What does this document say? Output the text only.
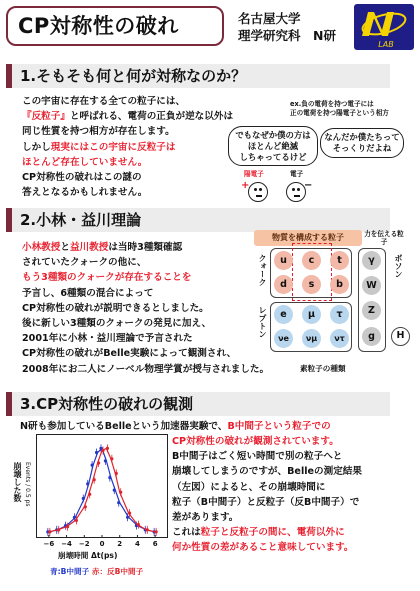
CP対称性の破れ	名古屋大学
理学研究科　N研
LAB
1.そもそも何と何が対称なのか？
この宇宙に存在する全ての粒子には、
『反粒子』と呼ばれる、電荷の正負が逆な以外は
同じ性質を持つ相方が存在します。
しかし現実にはこの宇宙に反粒子は
ほとんど存在していません。
CP対称性の破れはこの謎の
答えとなるかもしれません。
ex.負の電荷を持つ電子には
正の電荷を持つ陽電子という相方
でもなぜか僕の方は
ほとんど絶滅
しちゃってるけど
なんだか僕たちって
そっくりだよね
陽電子	電子
+	−
2.小林・益川理論
小林教授と益川教授は当時3種類確認
されていたクォークの他に、
もう3種類のクォークが存在することを
予言し、6種類の混合によって
CP対称性の破れが説明できるとしました。
後に新しい3種類のクォークの発見に加え、
2001年に小林・益川理論で予言された
CP対称性の破れがBelle実験によって観測され、
2008年にお二人にノーベル物理学賞が授与されました。
物質を構成する粒子	力を伝える粒子
クォーク	u	c	t
d	s	b
レプトン	e	μ	τ
νe	νμ	ντ
γ
W
Z
g
ボソン
H
素粒子の種類
3.CP対称性の破れの観測
N研も参加しているBelleという加速器実験で、B中間子という粒子での
CP対称性の破れが観測されています。
B中間子はごく短い時間で別の粒子へと
崩壊してしまうのですが、Belleの測定結果
（左図）によると、その崩壊時間に
粒子（B中間子）と反粒子（反B中間子）で
差があります。
これは粒子と反粒子の間に、電荷以外に
何か性質の差があること意味しています。
崩壊した数 Events / 0.5 ps
−6 −4 −2	0	2	4	6
崩壊時間 Δt(ps)
青:B中間子 赤：反B中間子
